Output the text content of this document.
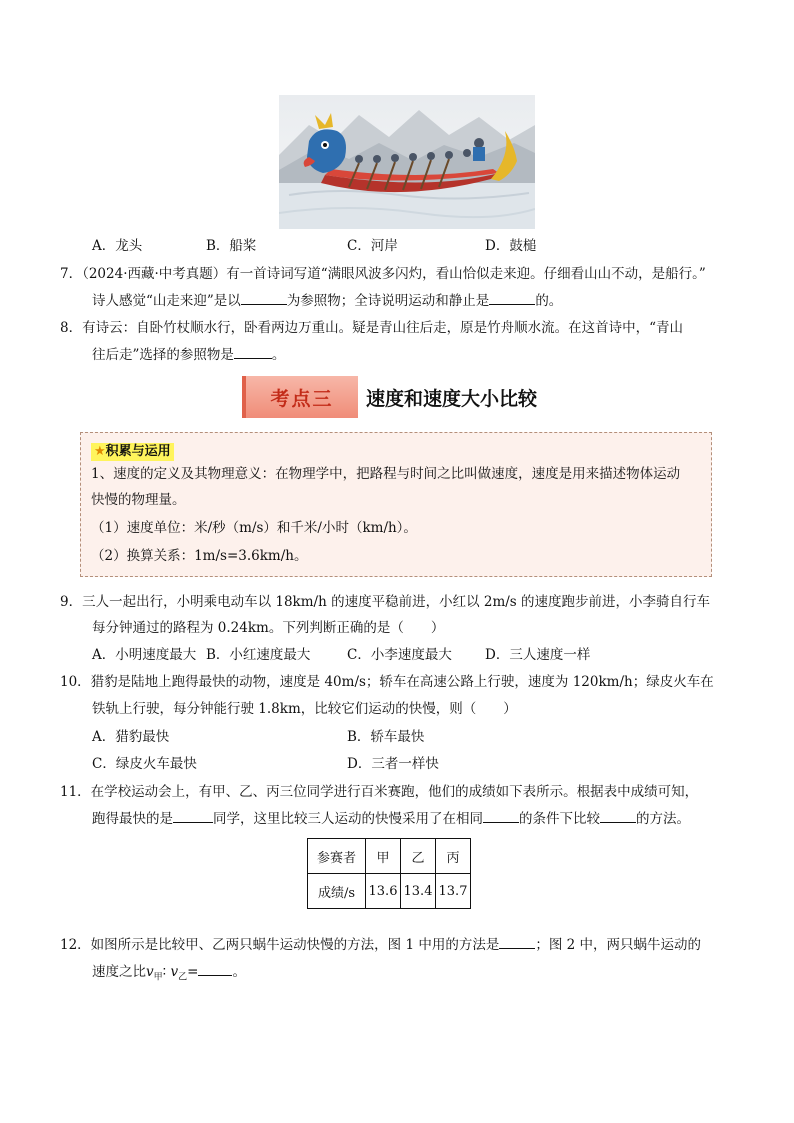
A．龙头	B．船桨	C．河岸	D．鼓槌
7．（2024·西藏·中考真题）有一首诗词写道“满眼风波多闪灼，看山恰似走来迎。仔细看山山不动，是船行。”
诗人感觉“山走来迎”是以	为参照物；全诗说明运动和静止是	的。
8．有诗云：自卧竹杖顺水行，卧看两边万重山。疑是青山往后走，原是竹舟顺水流。在这首诗中，“青山
往后走”选择的参照物是	。
考点三	速度和速度大小比较
★积累与运用
1、速度的定义及其物理意义：在物理学中，把路程与时间之比叫做速度，速度是用来描述物体运动
快慢的物理量。
（1）速度单位：米/秒（m/s）和千米/小时（km/h）。
（2）换算关系：1m/s=3.6km/h。
9．三人一起出行，小明乘电动车以 18km/h 的速度平稳前进，小红以 2m/s 的速度跑步前进，小李骑自行车
每分钟通过的路程为 0.24km。下列判断正确的是（　　）
A．小明速度最大 B．小红速度最大	C．小李速度最大 D．三人速度一样
10．猎豹是陆地上跑得最快的动物，速度是 40m/s；轿车在高速公路上行驶，速度为 120km/h；绿皮火车在
铁轨上行驶，每分钟能行驶 1.8km，比较它们运动的快慢，则（　　）
A．猎豹最快	B．轿车最快
C．绿皮火车最快	D．三者一样快
11．在学校运动会上，有甲、乙、丙三位同学进行百米赛跑，他们的成绩如下表所示。根据表中成绩可知，
跑得最快的是	同学，这里比较三人运动的快慢采用了在相同	的条件下比较	的方法。
参赛者	甲	乙	丙
成绩/s	13.6	13.4	13.7
12．如图所示是比较甲、乙两只蜗牛运动快慢的方法，图 1 中用的方法是	；图 2 中，两只蜗牛运动的
速度之比$v_甲∶$ $v_乙=$	。
